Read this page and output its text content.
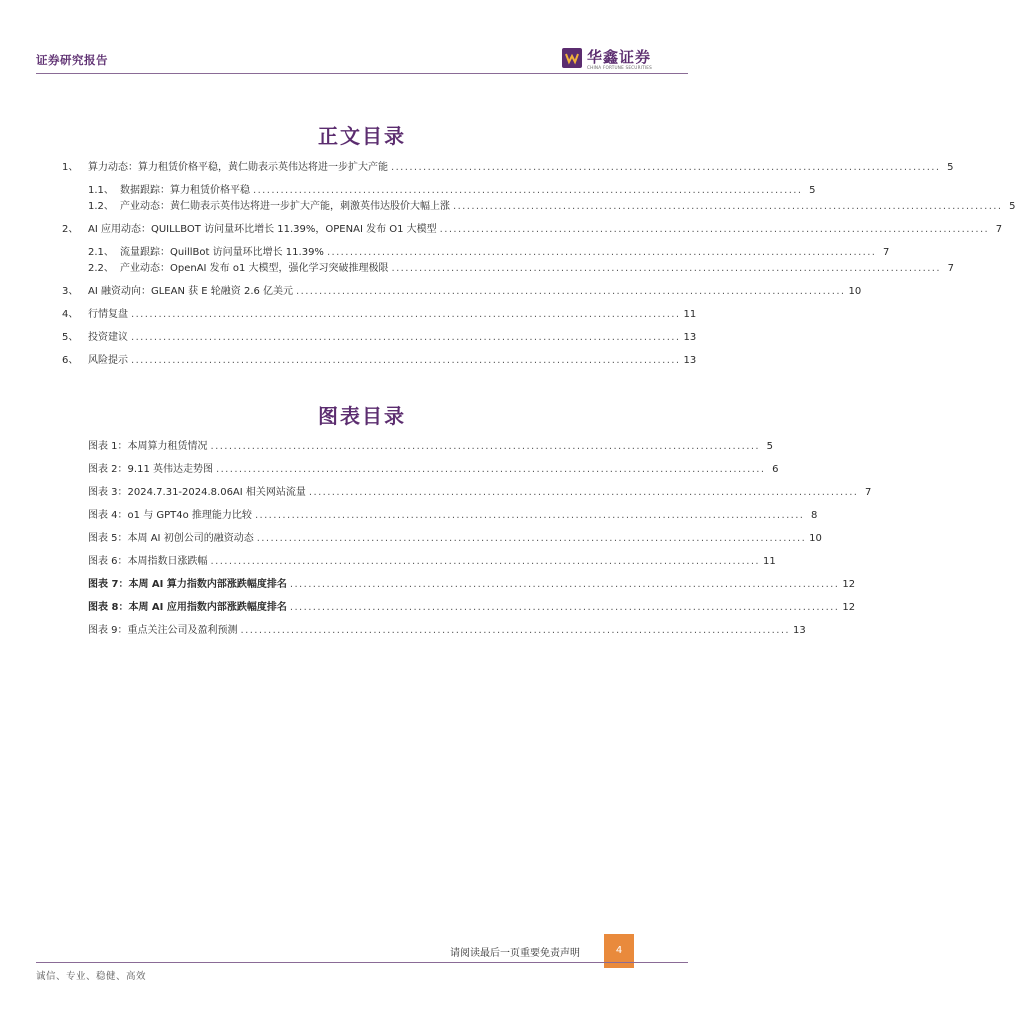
证券研究报告	华鑫证券
CHINA FORTUNE SECURITIES
正文目录
1、 算力动态：算力租赁价格平稳，黄仁勋表示英伟达将进一步扩大产能 ........................................................................................................................ 5
1.1、 数据跟踪：算力租赁价格平稳 ........................................................................................................................ 5
1.2、 产业动态：黄仁勋表示英伟达将进一步扩大产能，刺激英伟达股价大幅上涨 ........................................................................................................................ 5
2、 AI 应用动态：QUILLBOT 访问量环比增长 11.39%，OPENAI 发布 O1 大模型 ........................................................................................................................ 7
2.1、 流量跟踪：QuillBot 访问量环比增长 11.39% ........................................................................................................................ 7
2.2、 产业动态：OpenAI 发布 o1 大模型，强化学习突破推理极限 ........................................................................................................................ 7
3、 AI 融资动向：GLEAN 获 E 轮融资 2.6 亿美元 ........................................................................................................................ 10
4、 行情复盘 ........................................................................................................................ 11
5、 投资建议 ........................................................................................................................ 13
6、 风险提示 ........................................................................................................................ 13
图表目录
图表 1：本周算力租赁情况 ........................................................................................................................ 5
图表 2：9.11 英伟达走势图 ........................................................................................................................ 6
图表 3：2024.7.31-2024.8.06AI 相关网站流量 ........................................................................................................................ 7
图表 4：o1 与 GPT4o 推理能力比较 ........................................................................................................................ 8
图表 5：本周 AI 初创公司的融资动态 ........................................................................................................................ 10
图表 6：本周指数日涨跌幅 ........................................................................................................................ 11
图表 7：本周 AI 算力指数内部涨跌幅度排名 ........................................................................................................................ 12
图表 8：本周 AI 应用指数内部涨跌幅度排名 ........................................................................................................................ 12
图表 9：重点关注公司及盈利预测 ........................................................................................................................ 13
请阅读最后一页重要免责声明	4
诚信、专业、稳健、高效
